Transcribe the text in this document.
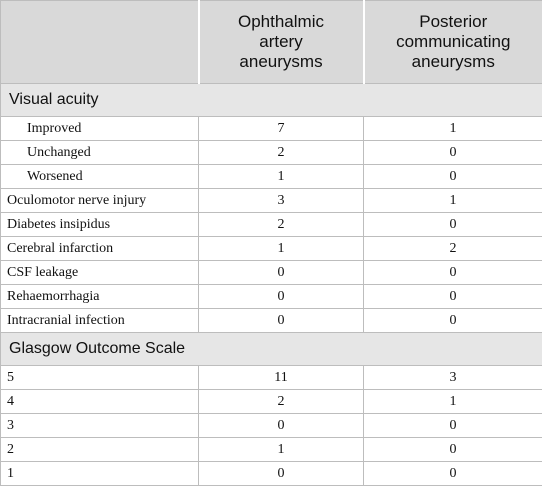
	Ophthalmic artery aneurysms	Posterior communicating aneurysms

Visual acuity		
Improved	7	1
Unchanged	2	0
Worsened	1	0
Oculomotor nerve injury	3	1
Diabetes insipidus	2	0
Cerebral infarction	1	2
CSF leakage	0	0
Rehaemorrhagia	0	0
Intracranial infection	0	0
Glasgow Outcome Scale		
5	11	3
4	2	1
3	0	0
2	1	0
1	0	0
